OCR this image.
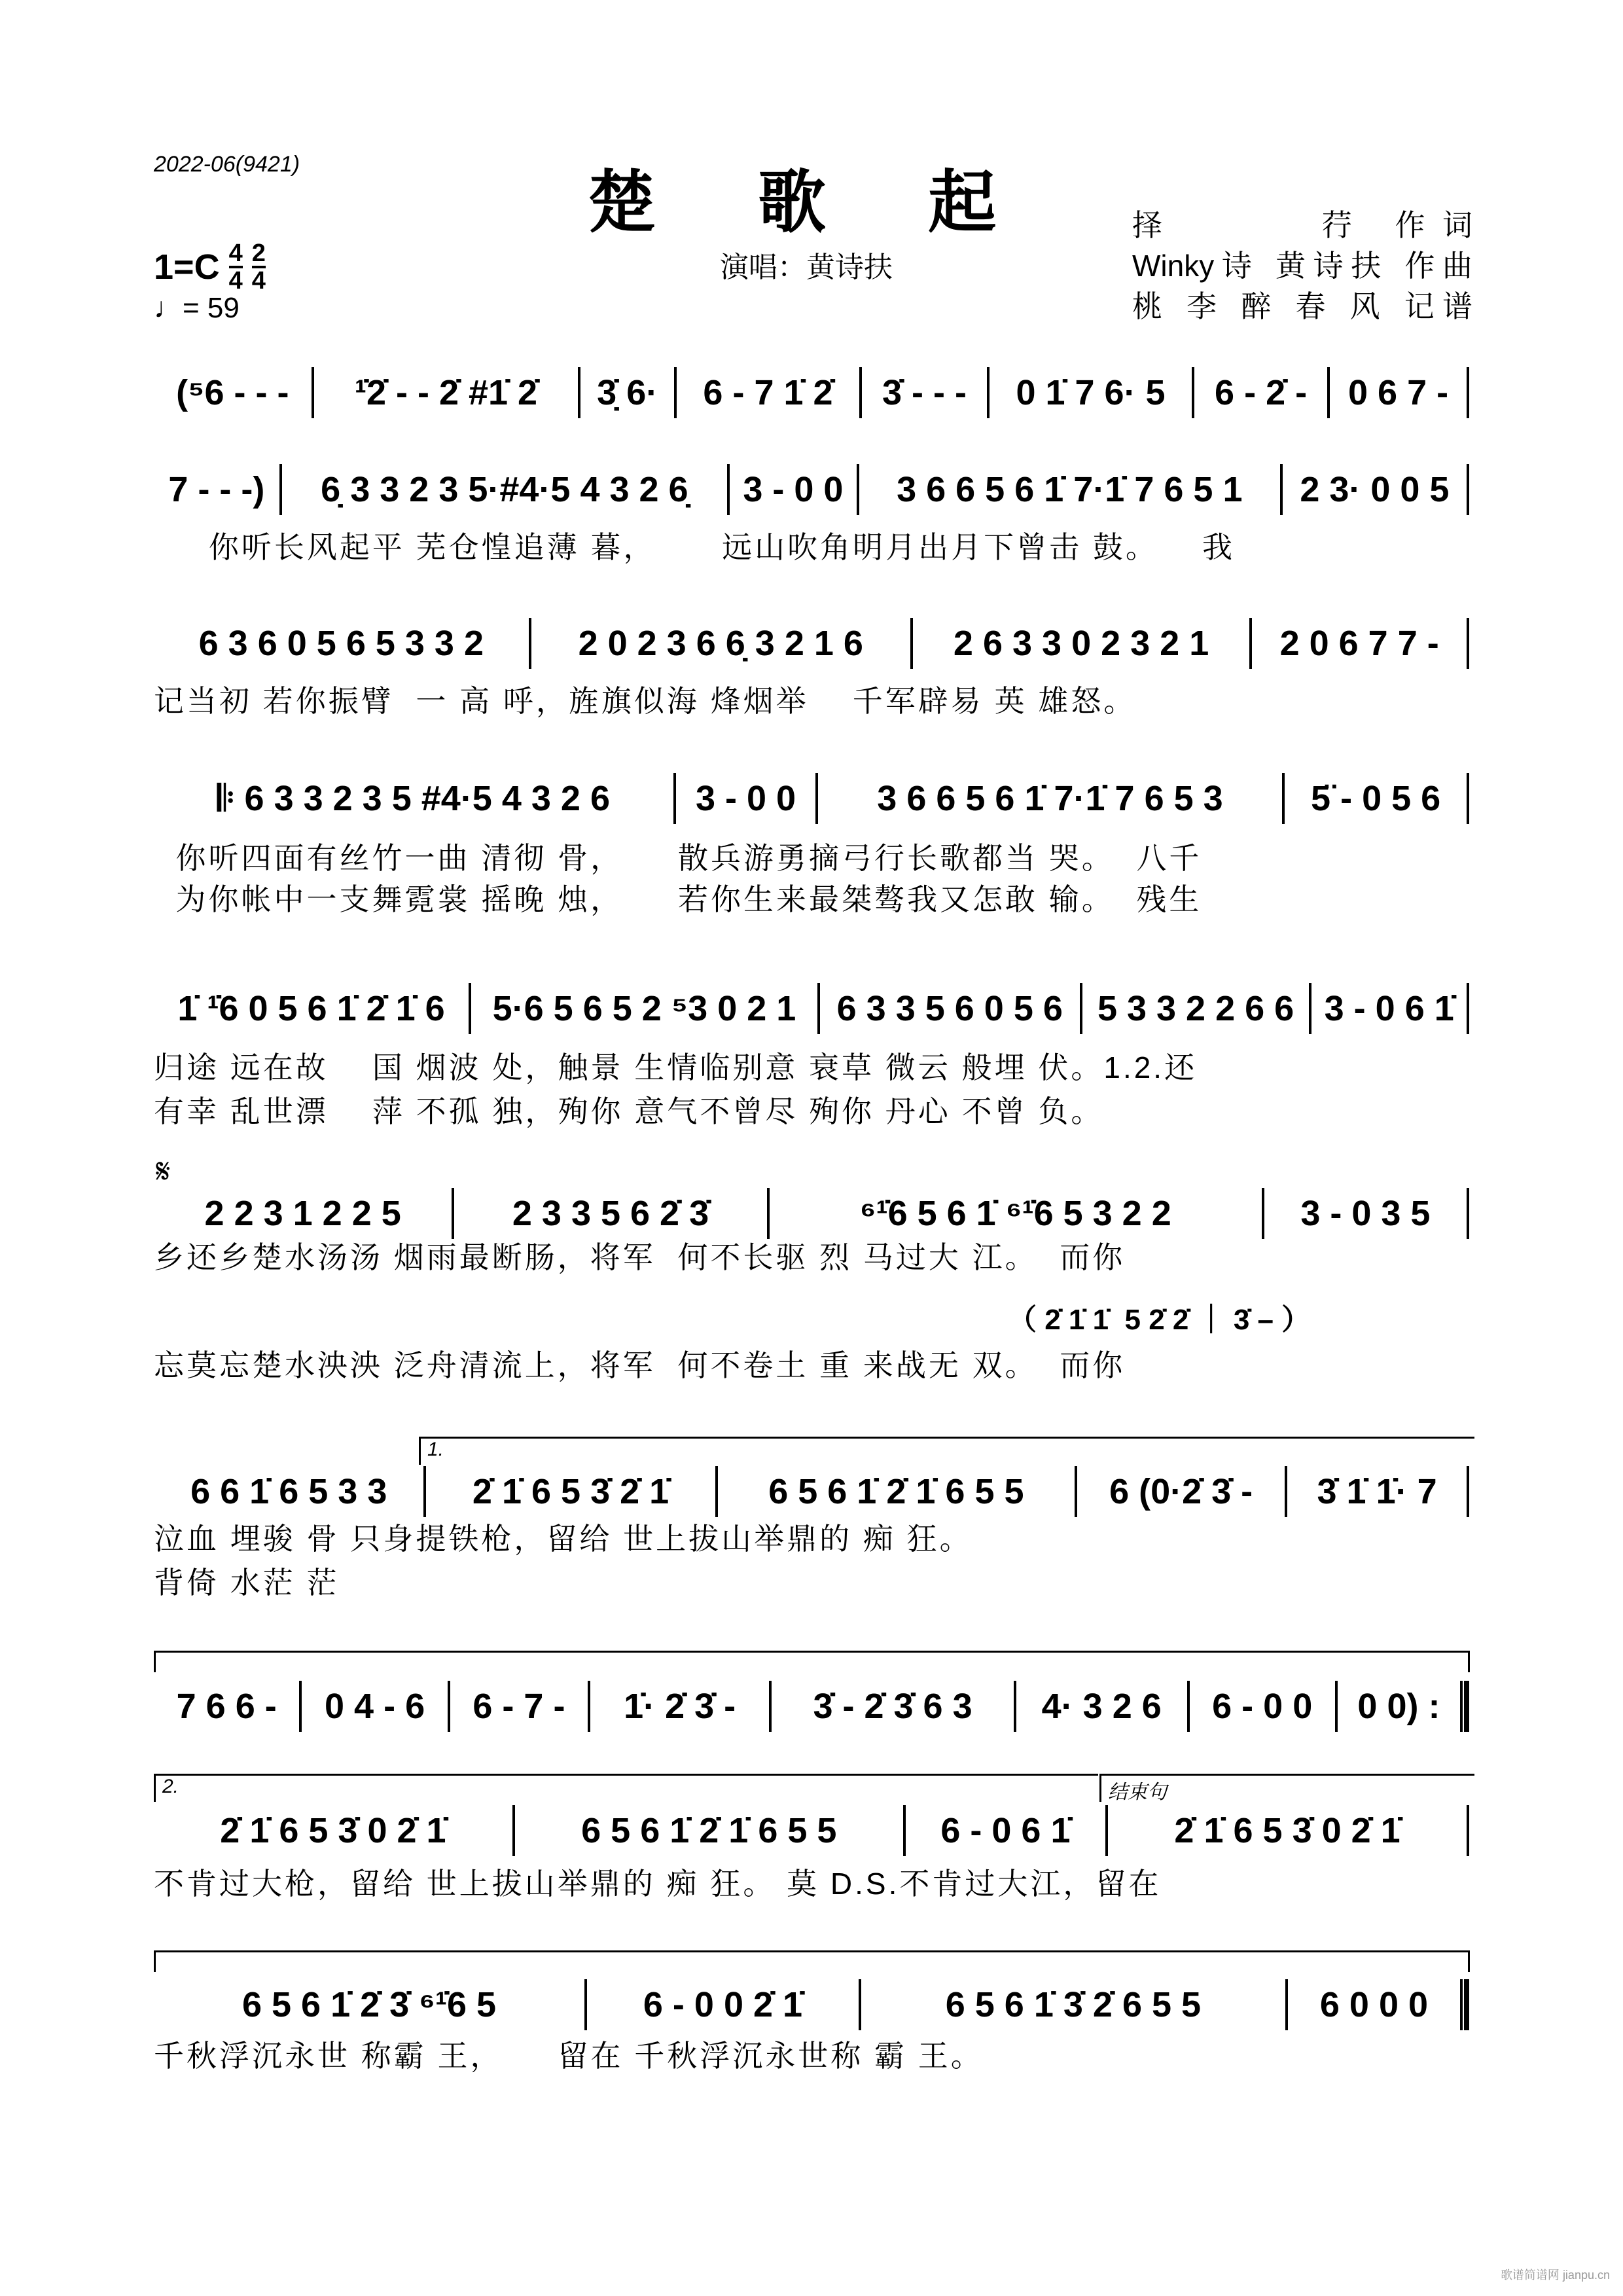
2022-06(9421)	楚 歌 起
演唱：黄诗扶
择　　　荇 作词
Winky诗 黄诗扶 作曲
桃 李 醉 春 风 记谱
$1=C \frac{4}{4} \frac{2}{4}$
♩= 59
𝄋
1.
2.	结束句
（ 2̇ 1̇ 1̇  5 2̇ 2̇ ｜ 3̇ – ）
(⁵6 - - -	¹̇2̇ - - 2̇ #1̇ 2̇	3̣̇ 6·	6 - 7 1̇ 2̇	3̇ - - -	0 1̇ 7 6· 5	6 - 2̇ -	0 6 7 -
7 - - -)	6̣ 3 3 2 3 5·#4·5 4 3 2 6̣	3 - 0 0	3 6 6 5 6 1̇ 7·1̇ 7 6 5 1	2 3· 0 0 5
6 3 6 0 5 6 5 3 3 2	2 0 2 3 6 6̣ 3 2 1 6	2 6 3 3 0 2 3 2 1	2 0 6 7 7 -
𝄆 6 3 3 2 3 5 #4·5 4 3 2 6	3 - 0 0	3 6 6 5 6 1̇ 7·1̇ 7 6 5 3	5̈ - 0 5 6
1̇ ¹̇6 0 5 6 1̇ 2̇ 1̇ 6	5·6 5 6 5 2 ⁵3 0 2 1	6 3 3 5 6 0 5 6 5 3 3 2 2 6 6 3 - 0 6 1̇
2 2 3 1 2 2 5	2 3 3 5 6 2̇ 3̇	⁶¹̇6 5 6 1̇ ⁶¹̇6 5 3 2 2	3 - 0 3 5
6 6 1̇ 6 5 3 3	2̇ 1̇ 6 5 3̇ 2̇ 1̇	6 5 6 1̇ 2̇ 1̇ 6 5 5	6 (0·2̇ 3̇ -	3̇ 1̇ 1̇· 7
7 6 6 -	0 4 - 6	6 - 7 -	1̇· 2̇ 3̇ -	3̇ - 2̇ 3̇ 6 3	4· 3 2 6	6 - 0 0	0 0) :
2̇ 1̇ 6 5 3̇ 0 2̇ 1̇	6 5 6 1̇ 2̇ 1̇ 6 5 5	6 - 0 6 1̇	2̇ 1̇ 6 5 3̇ 0 2̇ 1̇
6 5 6 1̇ 2̇ 3̇ ⁶¹̇6 5	6 - 0 0 2̇ 1̇	6 5 6 1̇ 3̇ 2̇ 6 5 5	6 0 0 0
你听长风起平 芜仓惶追薄 暮，      远山吹角明月出月下曾击 鼓。    我
记当初 若你振臂  一 高 呼，旌旗似海 烽烟举    千军辟易 英 雄怒。
你听四面有丝竹一曲 清彻 骨，     散兵游勇摘弓行长歌都当 哭。  八千
为你帐中一支舞霓裳 摇晚 烛，     若你生来最桀骜我又怎敢 输。  残生
归途 远在故    国 烟波 处，触景 生情临别意 衰草 微云 般埋 伏。1.2.还
有幸 乱世漂    萍 不孤 独，殉你 意气不曾尽 殉你 丹心 不曾 负。
乡还乡楚水汤汤 烟雨最断肠，将军  何不长驱 烈 马过大 江。  而你
忘莫忘楚水泱泱 泛舟清流上，将军  何不卷土 重 来战无 双。  而你
泣血 埋骏 骨 只身提铁枪，留给 世上拔山举鼎的 痴 狂。
背倚 水茫 茫
不肯过大枪，留给 世上拔山举鼎的 痴 狂。 莫 D.S.不肯过大江，留在
千秋浮沉永世 称霸 王，     留在 千秋浮沉永世称 霸 王。
歌谱简谱网 jianpu.cn
